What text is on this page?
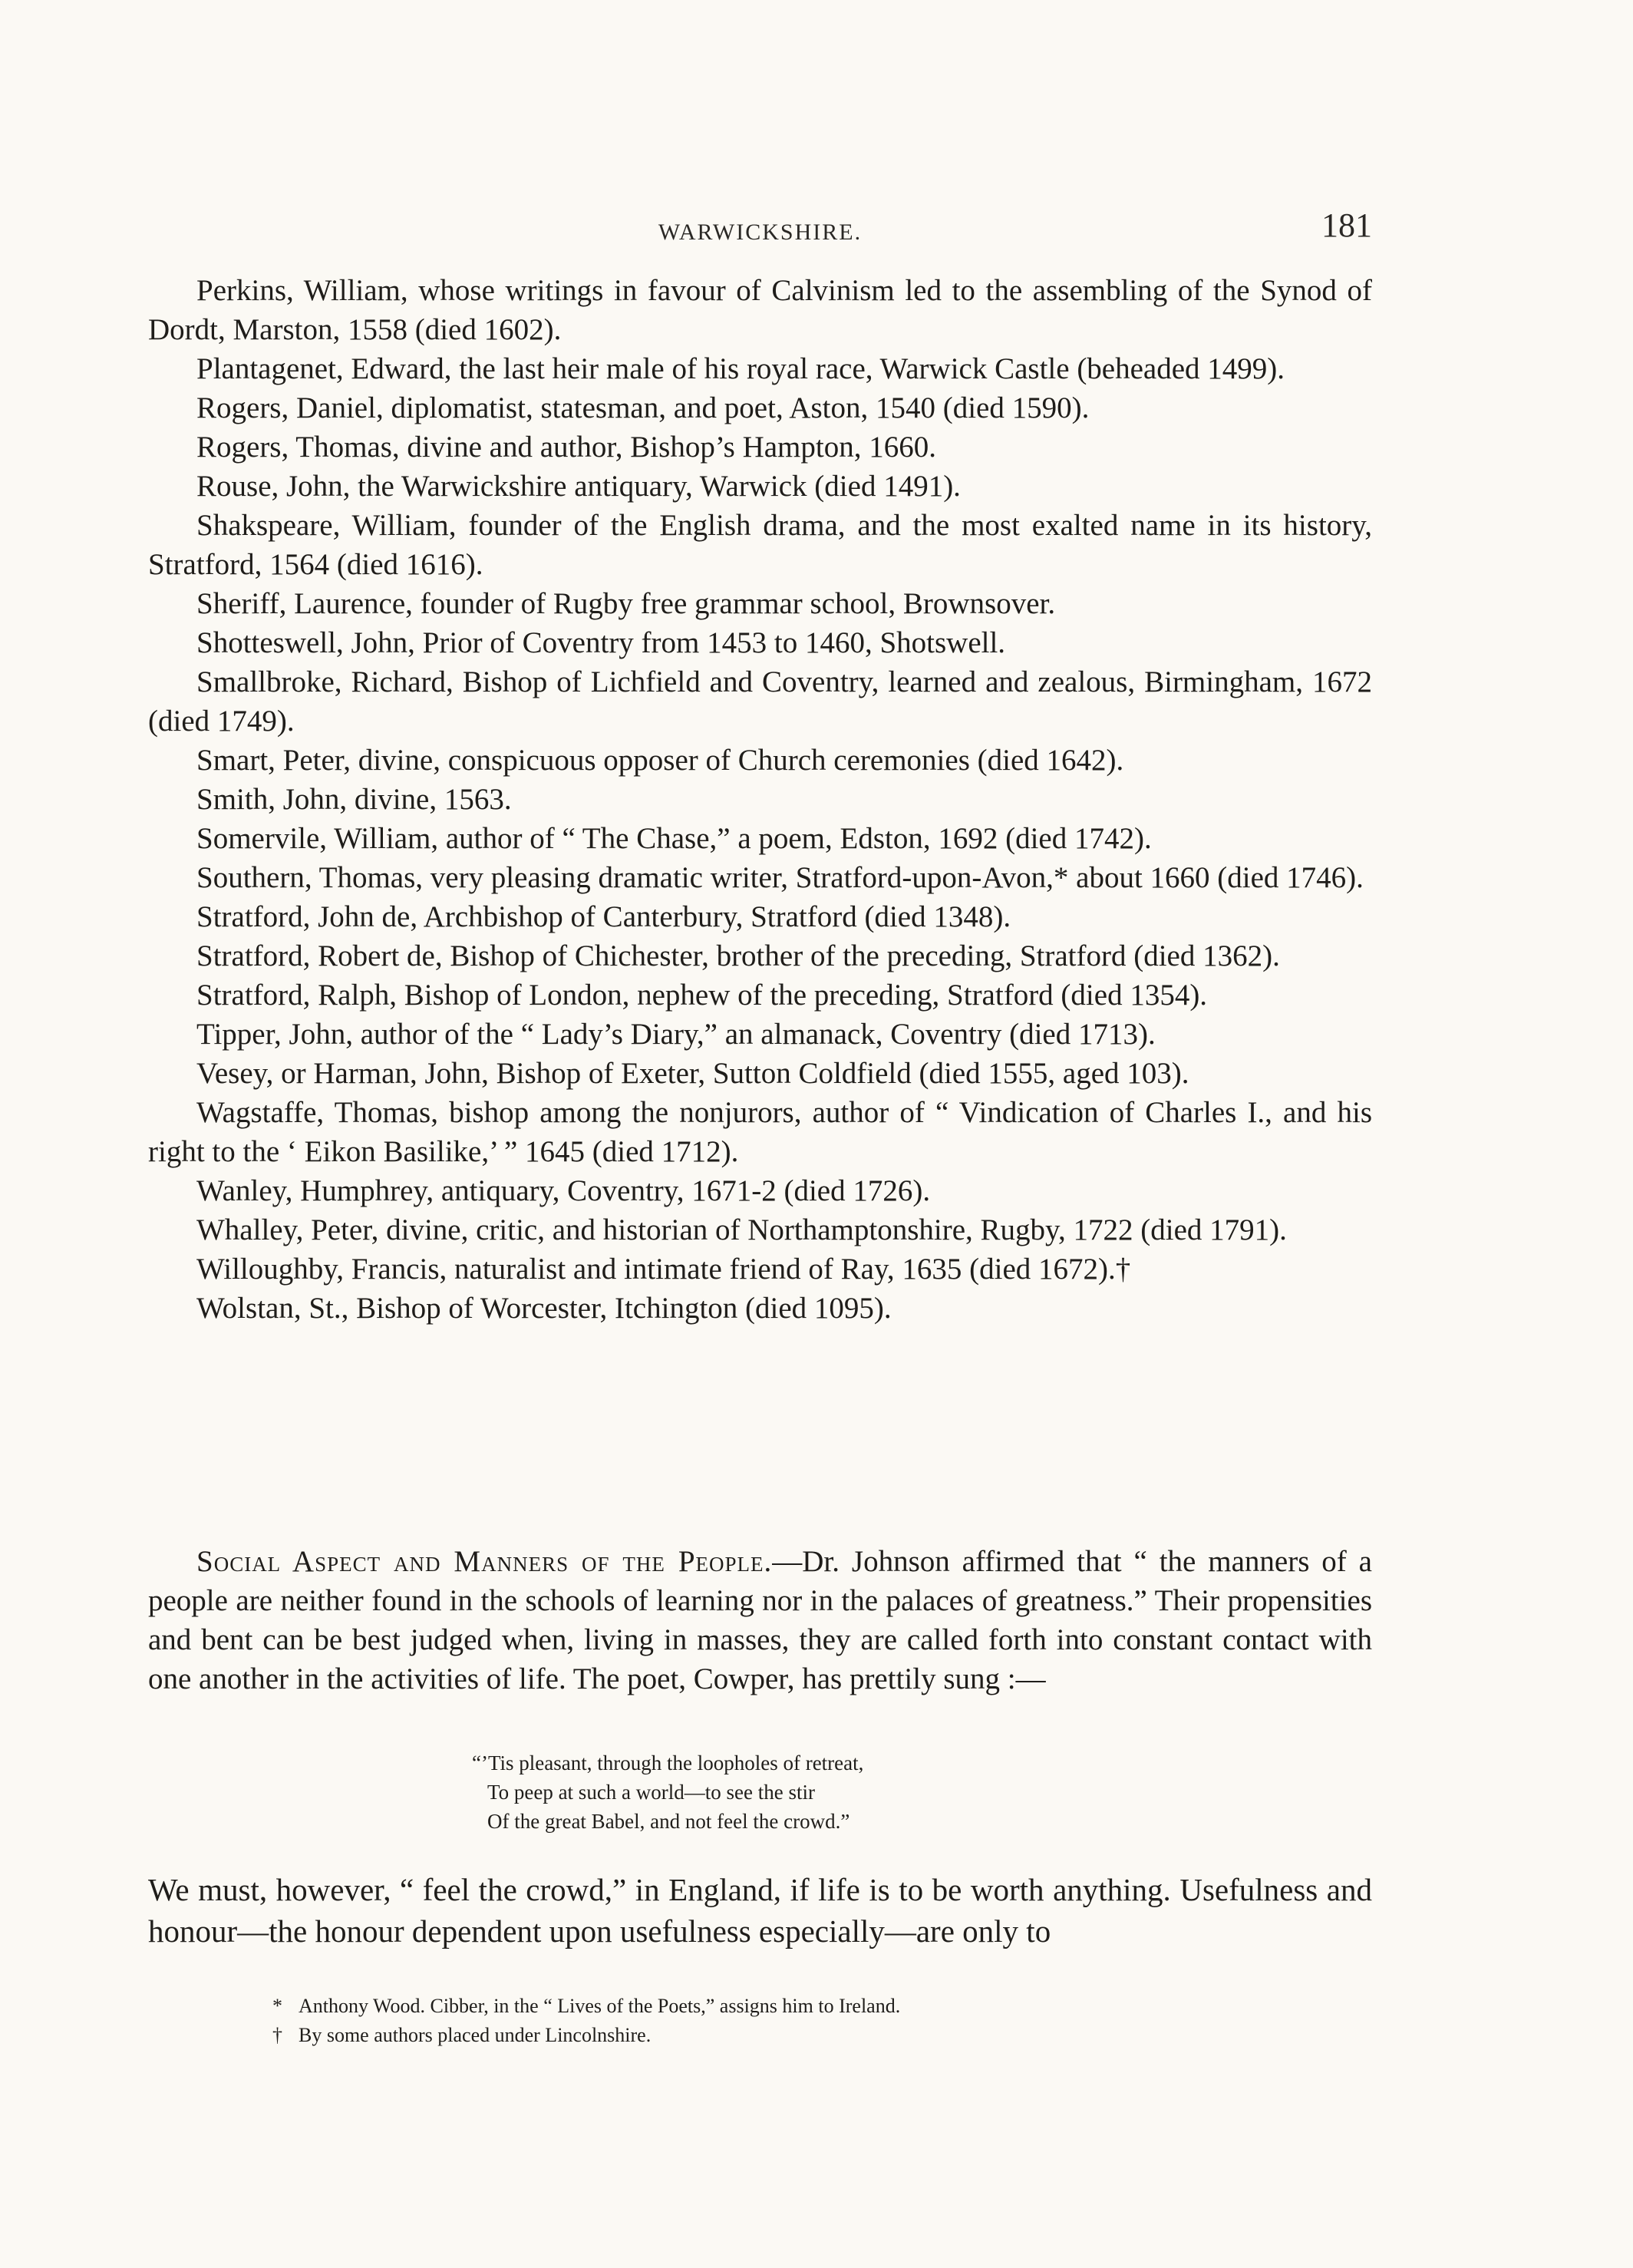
WARWICKSHIRE.	181

Perkins, William, whose writings in favour of Calvinism led to the assembling of the Synod of Dordt, Marston, 1558 (died 1602).

Plantagenet, Edward, the last heir male of his royal race, Warwick Castle (beheaded 1499).

Rogers, Daniel, diplomatist, statesman, and poet, Aston, 1540 (died 1590).

Rogers, Thomas, divine and author, Bishop’s Hampton, 1660.

Rouse, John, the Warwickshire antiquary, Warwick (died 1491).

Shakspeare, William, founder of the English drama, and the most exalted name in its history, Stratford, 1564 (died 1616).

Sheriff, Laurence, founder of Rugby free grammar school, Brownsover.

Shotteswell, John, Prior of Coventry from 1453 to 1460, Shotswell.

Smallbroke, Richard, Bishop of Lichfield and Coventry, learned and zealous, Birmingham, 1672 (died 1749).

Smart, Peter, divine, conspicuous opposer of Church ceremonies (died 1642).

Smith, John, divine, 1563.

Somervile, William, author of “ The Chase,” a poem, Edston, 1692 (died 1742).

Southern, Thomas, very pleasing dramatic writer, Stratford-upon-Avon,* about 1660 (died 1746).

Stratford, John de, Archbishop of Canterbury, Stratford (died 1348).

Stratford, Robert de, Bishop of Chichester, brother of the preceding, Stratford (died 1362).

Stratford, Ralph, Bishop of London, nephew of the preceding, Stratford (died 1354).

Tipper, John, author of the “ Lady’s Diary,” an almanack, Coventry (died 1713).

Vesey, or Harman, John, Bishop of Exeter, Sutton Coldfield (died 1555, aged 103).

Wagstaffe, Thomas, bishop among the nonjurors, author of “ Vindication of Charles I., and his right to the ‘ Eikon Basilike,’ ” 1645 (died 1712).

Wanley, Humphrey, antiquary, Coventry, 1671-2 (died 1726).

Whalley, Peter, divine, critic, and historian of Northamptonshire, Rugby, 1722 (died 1791).

Willoughby, Francis, naturalist and intimate friend of Ray, 1635 (died 1672).†

Wolstan, St., Bishop of Worcester, Itchington (died 1095).

Social Aspect and Manners of the People.—Dr. Johnson affirmed that “ the manners of a people are neither found in the schools of learning nor in the palaces of greatness.” Their propensities and bent can be best judged when, living in masses, they are called forth into constant contact with one another in the activities of life. The poet, Cowper, has prettily sung :—

“’Tis pleasant, through the loopholes of retreat,

To peep at such a world—to see the stir

Of the great Babel, and not feel the crowd.”

We must, however, “ feel the crowd,” in England, if life is to be worth anything. Usefulness and honour—the honour dependent upon usefulness especially—are only to

* Anthony Wood. Cibber, in the “ Lives of the Poets,” assigns him to Ireland.

† By some authors placed under Lincolnshire.
